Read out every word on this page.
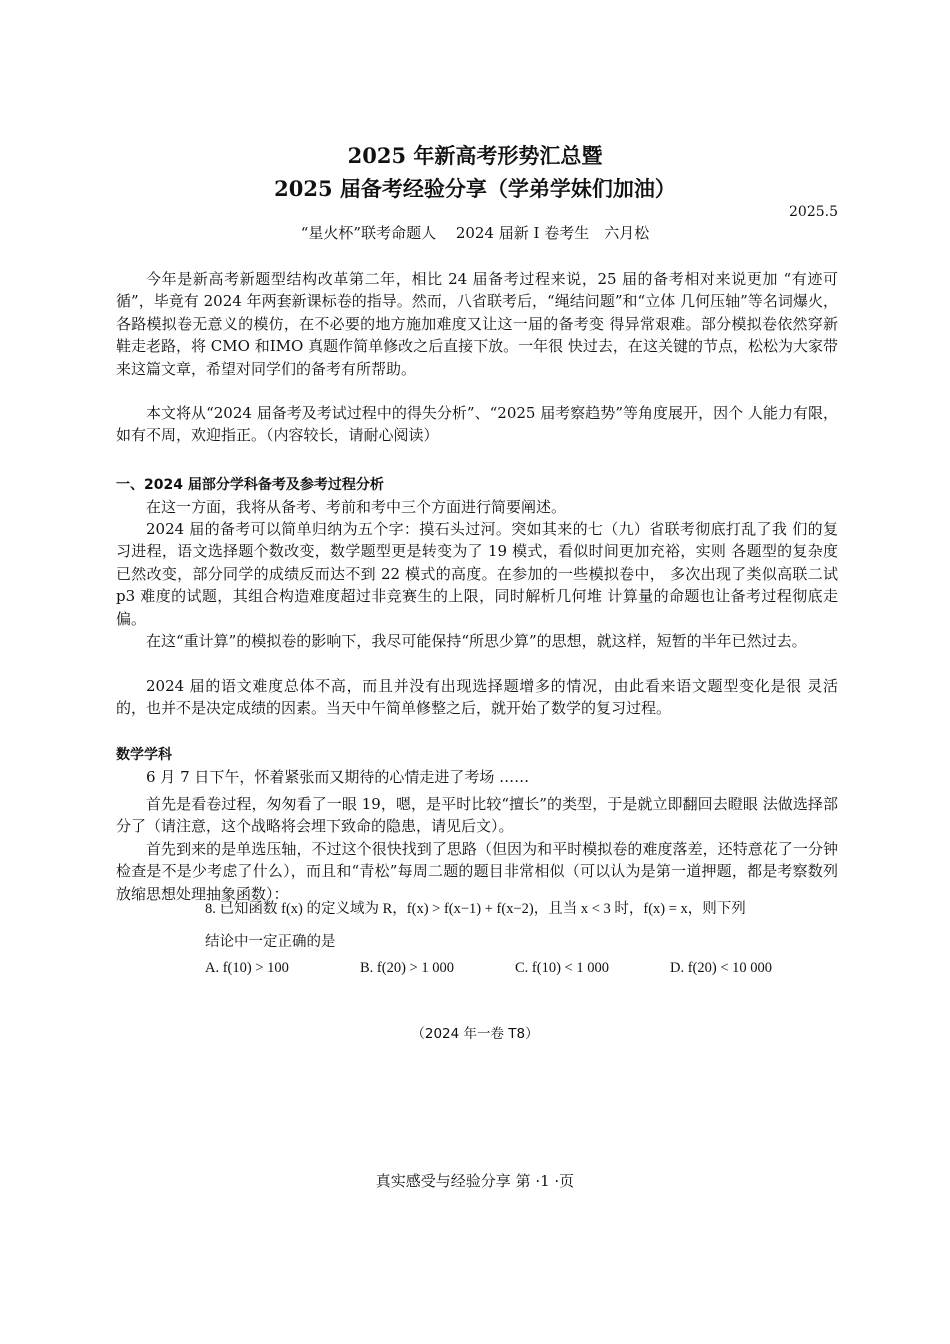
2025 年新高考形势汇总暨
2025 届备考经验分享（学弟学妹们加油）
2025.5
“星火杯”联考命题人　 2024 届新 I 卷考生　六月松
今年是新高考新题型结构改革第二年，相比 24 届备考过程来说，25 届的备考相对来说更加 “有迹可循”，毕竟有 2024 年两套新课标卷的指导。然而，八省联考后，“绳结问题”和“立体 几何压轴”等名词爆火，各路模拟卷无意义的模仿，在不必要的地方施加难度又让这一届的备考变 得异常艰难。部分模拟卷依然穿新鞋走老路，将 CMO 和IMO 真题作简单修改之后直接下放。一年很 快过去，在这关键的节点，松松为大家带来这篇文章，希望对同学们的备考有所帮助。
本文将从“2024 届备考及考试过程中的得失分析”、“2025 届考察趋势”等角度展开，因个 人能力有限，如有不周，欢迎指正。（内容较长，请耐心阅读）
一、2024 届部分学科备考及参考过程分析
在这一方面，我将从备考、考前和考中三个方面进行简要阐述。
2024 届的备考可以简单归纳为五个字：摸石头过河。突如其来的七（九）省联考彻底打乱了我 们的复习进程，语文选择题个数改变，数学题型更是转变为了 19 模式，看似时间更加充裕，实则 各题型的复杂度已然改变，部分同学的成绩反而达不到 22 模式的高度。在参加的一些模拟卷中， 多次出现了类似高联二试 p3 难度的试题，其组合构造难度超过非竞赛生的上限，同时解析几何堆 计算量的命题也让备考过程彻底走偏。
在这“重计算”的模拟卷的影响下，我尽可能保持“所思少算”的思想，就这样，短暂的半年已然过去。
2024 届的语文难度总体不高，而且并没有出现选择题增多的情况，由此看来语文题型变化是很 灵活的，也并不是决定成绩的因素。当天中午简单修整之后，就开始了数学的复习过程。
数学学科
6 月 7 日下午，怀着紧张而又期待的心情走进了考场 ……
首先是看卷过程，匆匆看了一眼 19，嗯，是平时比较“擅长”的类型，于是就立即翻回去瞪眼 法做选择部分了（请注意，这个战略将会埋下致命的隐患，请见后文）。
首先到来的是单选压轴，不过这个很快找到了思路（但因为和平时模拟卷的难度落差，还特意花了一分钟检查是不是少考虑了什么），而且和“青松”每周二题的题目非常相似（可以认为是第一道押题，都是考察数列放缩思想处理抽象函数）：
8. 已知函数 f(x) 的定义域为 R，f(x) > f(x−1) + f(x−2)，且当 x < 3 时，f(x) = x，则下列
结论中一定正确的是
A. f(10) > 100	B. f(20) > 1 000	C. f(10) < 1 000	D. f(20) < 10 000
（2024 年一卷 T8）
真实感受与经验分享 第 ·1 ·页
